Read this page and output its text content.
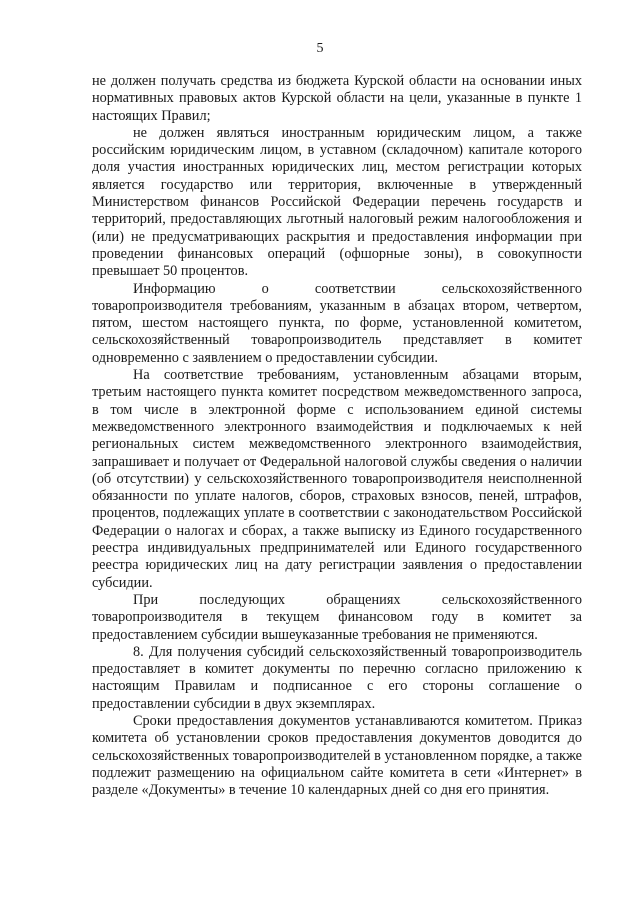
5

не должен получать средства из бюджета Курской области на основании иных нормативных правовых актов Курской области на цели, указанные в пункте 1 настоящих Правил;

не должен являться иностранным юридическим лицом, а также российским юридическим лицом, в уставном (складочном) капитале которого доля участия иностранных юридических лиц, местом регистрации которых является государство или территория, включенные в утвержденный Министерством финансов Российской Федерации перечень государств и территорий, предоставляющих льготный налоговый режим налогообложения и (или) не предусматривающих раскрытия и предоставления информации при проведении финансовых операций (офшорные зоны), в совокупности превышает 50 процентов.

Информацию о соответствии сельскохозяйственного товаропроизводителя требованиям, указанным в абзацах втором, четвертом, пятом, шестом настоящего пункта, по форме, установленной комитетом, сельскохозяйственный товаропроизводитель представляет в комитет одновременно с заявлением о предоставлении субсидии.

На соответствие требованиям, установленным абзацами вторым, третьим настоящего пункта комитет посредством межведомственного запроса, в том числе в электронной форме с использованием единой системы межведомственного электронного взаимодействия и подключаемых к ней региональных систем межведомственного электронного взаимодействия, запрашивает и получает от Федеральной налоговой службы сведения о наличии (об отсутствии) у сельскохозяйственного товаропроизводителя неисполненной обязанности по уплате налогов, сборов, страховых взносов, пеней, штрафов, процентов, подлежащих уплате в соответствии с законодательством Российской Федерации о налогах и сборах, а также выписку из Единого государственного реестра индивидуальных предпринимателей или Единого государственного реестра юридических лиц на дату регистрации заявления о предоставлении субсидии.

При последующих обращениях сельскохозяйственного товаропроизводителя в текущем финансовом году в комитет за предоставлением субсидии вышеуказанные требования не применяются.

8. Для получения субсидий сельскохозяйственный товаропроизводитель предоставляет в комитет документы по перечню согласно приложению к настоящим Правилам и подписанное с его стороны соглашение о предоставлении субсидии в двух экземплярах.

Сроки предоставления документов устанавливаются комитетом. Приказ комитета об установлении сроков предоставления документов доводится до сельскохозяйственных товаропроизводителей в установленном порядке, а также подлежит размещению на официальном сайте комитета в сети «Интернет» в разделе «Документы» в течение 10 календарных дней со дня его принятия.
